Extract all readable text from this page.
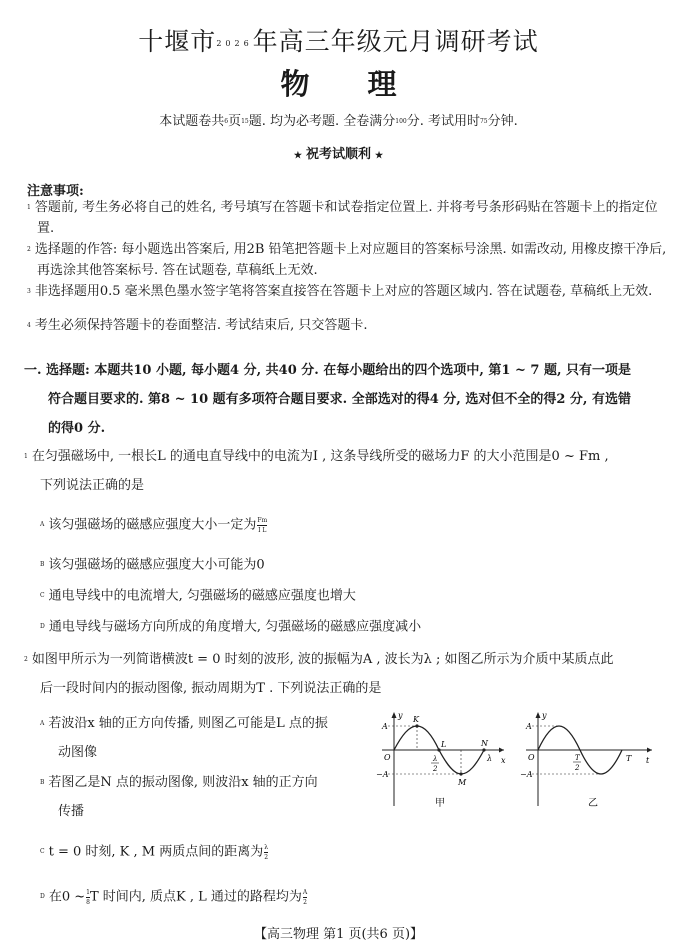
十堰市2026年高三年级元月调研考试
物 理
本试题卷共6页15题. 均为必考题. 全卷满分100分. 考试用时75分钟.
★ 祝考试顺利 ★
注意事项:
1 答题前, 考生务必将自己的姓名, 考号填写在答题卡和试卷指定位置上. 并将考号条形码贴在答题卡上的指定位置.
2 选择题的作答: 每小题选出答案后, 用2B 铅笔把答题卡上对应题目的答案标号涂黑. 如需改动, 用橡皮擦干净后, 再选涂其他答案标号. 答在试题卷, 草稿纸上无效.
3 非选择题用0.5 毫米黑色墨水签字笔将答案直接答在答题卡上对应的答题区域内. 答在试题卷, 草稿纸上无效.
4 考生必须保持答题卡的卷面整洁. 考试结束后, 只交答题卡.
一. 选择题: 本题共10 小题, 每小题4 分, 共40 分. 在每小题给出的四个选项中, 第1 ~ 7 题, 只有一项是
符合题目要求的. 第8 ~ 10 题有多项符合题目要求. 全部选对的得4 分, 选对但不全的得2 分, 有选错
的得0 分.
1 在匀强磁场中, 一根长L 的通电直导线中的电流为I , 这条导线所受的磁场力F 的大小范围是0 ~ Fm ,
下列说法正确的是
A 该匀强磁场的磁感应强度大小一定为 $\frac{Fm}{\text{I L}}$
B 该匀强磁场的磁感应强度大小可能为0
C 通电导线中的电流增大, 匀强磁场的磁感应强度也增大
D 通电导线与磁场方向所成的角度增大, 匀强磁场的磁感应强度减小
2 如图甲所示为一列简谐横波t = 0 时刻的波形, 波的振幅为A , 波长为λ ; 如图乙所示为介质中某质点此
后一段时间内的振动图像, 振动周期为T . 下列说法正确的是
A 若波沿x 轴的正方向传播, 则图乙可能是L 点的振
动图像
B 若图乙是N 点的振动图像, 则波沿x 轴的正方向
传播
C t = 0 时刻, K , M 两质点间的距离为 $\frac{\lambda}{2}$
D 在0 ~ $\frac{1}{8}$ T 时间内, 质点K , L 通过的路程均为 $\frac{A}{2}$
y
x
O
A
−A
K
L
M
N
λ
2
λ
甲
y
t
O
A
−A
T
2
T
乙
【高三物理 第1 页(共6 页)】
